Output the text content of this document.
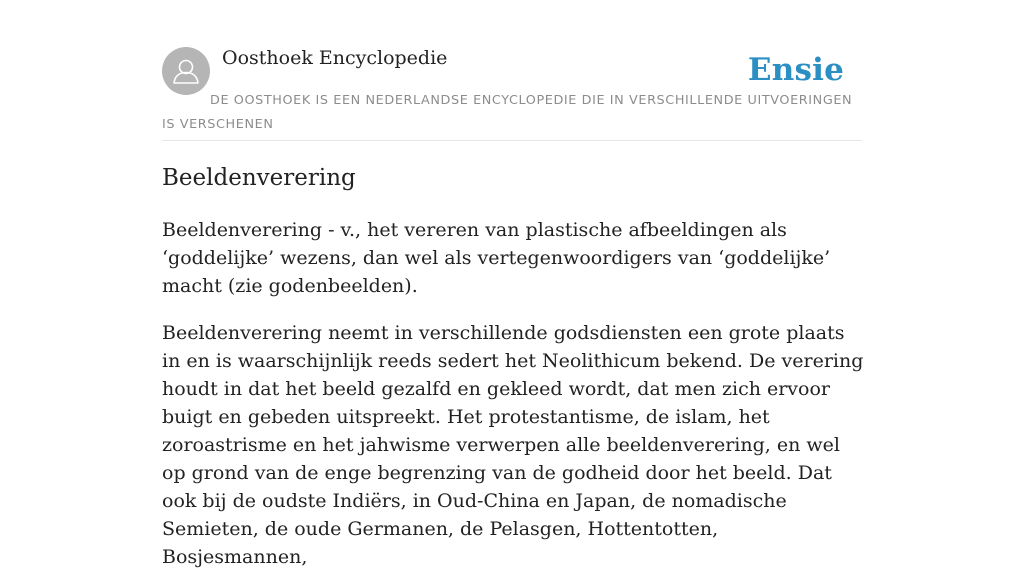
Oosthoek Encyclopedie	Ensie
DE OOSTHOEK IS EEN NEDERLANDSE ENCYCLOPEDIE DIE IN VERSCHILLENDE UITVOERINGEN IS VERSCHENEN
Beeldenverering

Beeldenverering - v., het vereren van plastische afbeeldingen als ‘goddelijke’ wezens, dan wel als vertegenwoordigers van ‘goddelijke’ macht (zie godenbeelden).

Beeldenverering neemt in verschillende godsdiensten een grote plaats in en is waarschijnlijk reeds sedert het Neolithicum bekend. De verering houdt in dat het beeld gezalfd en gekleed wordt, dat men zich ervoor buigt en gebeden uitspreekt. Het protestantisme, de islam, het zoroastrisme en het jahwisme verwerpen alle beeldenverering, en wel op grond van de enge begrenzing van de godheid door het beeld. Dat ook bij de oudste Indiërs, in Oud-China en Japan, de nomadische Semieten, de oude Germanen, de Pelasgen, Hottentotten, Bosjesmannen,
